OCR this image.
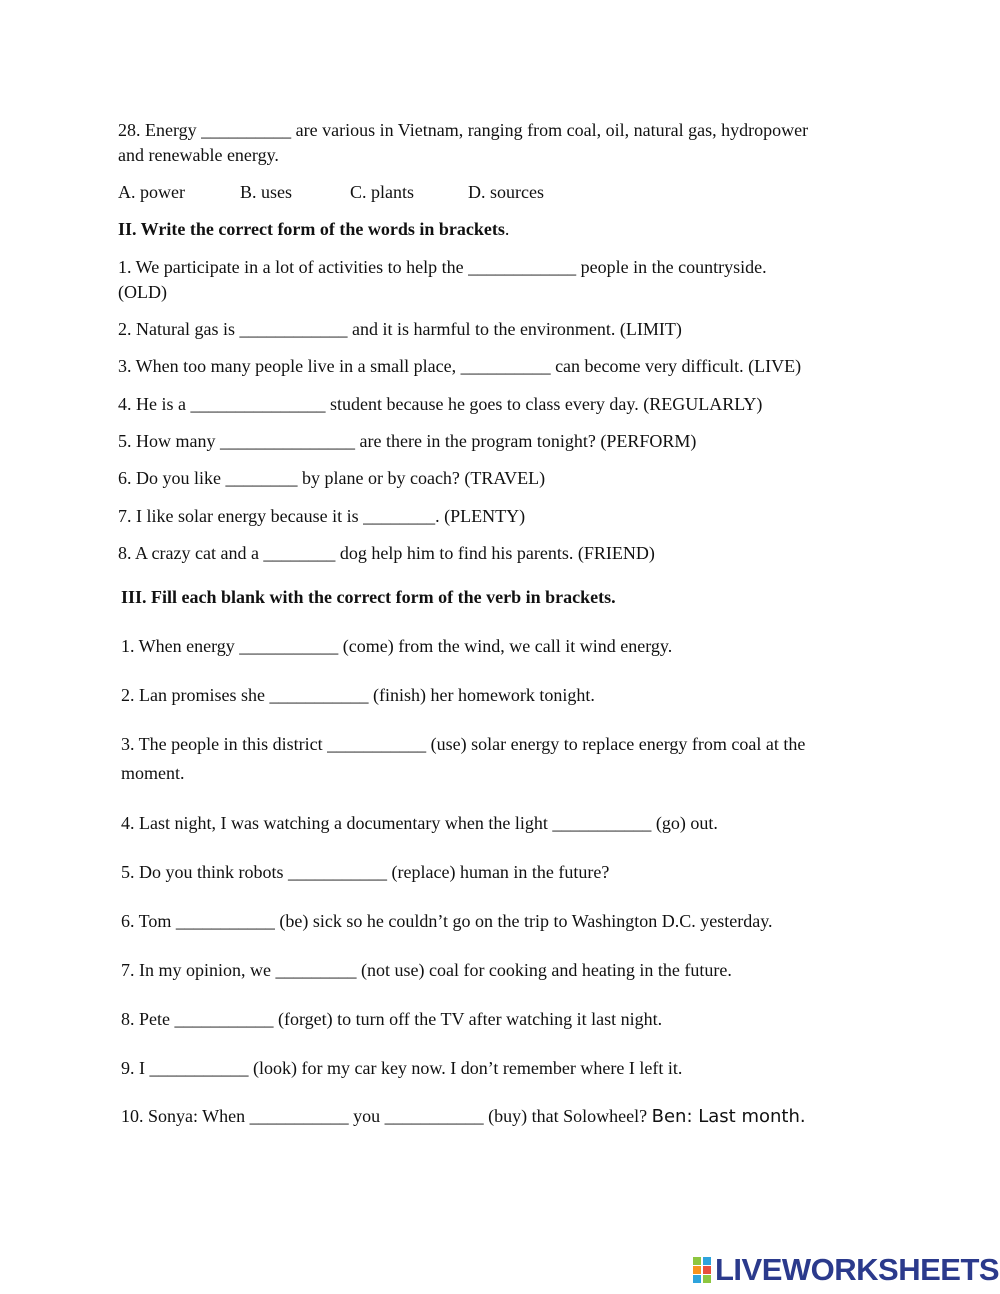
28. Energy __________ are various in Vietnam, ranging from coal, oil, natural gas, hydropower
and renewable energy.
A. power	B. uses	C. plants	D. sources
II. Write the correct form of the words in brackets.
1. We participate in a lot of activities to help the ____________ people in the countryside.
(OLD)
2. Natural gas is ____________ and it is harmful to the environment. (LIMIT)
3. When too many people live in a small place, __________ can become very difficult. (LIVE)
4. He is a _______________ student because he goes to class every day. (REGULARLY)
5. How many _______________ are there in the program tonight? (PERFORM)
6. Do you like ________ by plane or by coach? (TRAVEL)
7. I like solar energy because it is ________. (PLENTY)
8. A crazy cat and a ________ dog help him to find his parents. (FRIEND)
III. Fill each blank with the correct form of the verb in brackets.
1. When energy ___________ (come) from the wind, we call it wind energy.
2. Lan promises she ___________ (finish) her homework tonight.
3. The people in this district ___________ (use) solar energy to replace energy from coal at the
moment.
4. Last night, I was watching a documentary when the light ___________ (go) out.
5. Do you think robots ___________ (replace) human in the future?
6. Tom ___________ (be) sick so he couldn’t go on the trip to Washington D.C. yesterday.
7. In my opinion, we _________ (not use) coal for cooking and heating in the future.
8. Pete ___________ (forget) to turn off the TV after watching it last night.
9. I ___________ (look) for my car key now. I don’t remember where I left it.
10. Sonya: When ___________ you ___________ (buy) that Solowheel? Ben: Last month.
LIVEWORKSHEETS
